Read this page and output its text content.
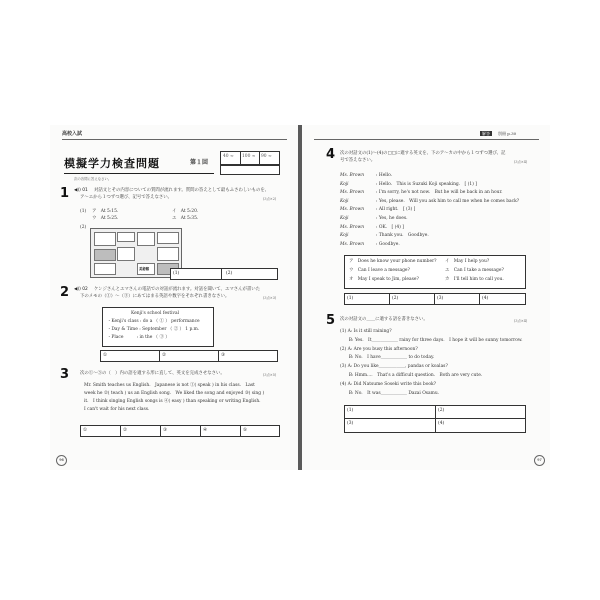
高校入試
模擬学力検査問題	第１回
40 ∞	100 ∞	90 ∞
次の各問に答えなさい。
1 ◀)) 01 対話文とその内容についての質問が流れます。質問の答えとして最もふさわしいものを、
ア～エから１つずつ選び、記号で答えなさい。	(3点×2)
(1) ア　At 5:15.	イ　At 5:20.
ウ　At 5:25.	エ　At 5:35.
(2)
美術館
(1)	(2)
2 ◀)) 02 ケンジさんとエマさんの電話での対話が流れます。対話を聞いて、エマさんが書いた
下のメモの（①）～（③）にあてはまる英語や数字をそれぞれ書きなさい。	(3点×3)
Kenji's school festival
・Kenji's class : do a （ ① ） performance
・Day & Time : September （ ② ） 1 p.m.
・Place　　　: in the （ ③ ）
①	②	③
3 次の①～⑤の（　）内の語を適する形に直して、英文を完成させなさい。	(3点×5)
Mr. Smith teaches us English.　Japanese is not ①( speak ) in his class.　Last
week he ②( teach ) us an English song.　We liked the song and enjoyed ③( sing )
it.　I think singing English songs is ④( easy ) than speaking or writing English.
I can't wait for his next class.
①	②	③	④	⑤
96
解答	別冊 p.30
4 次の対話文の(1)～(4)の□□に適する英文を、下のア～カの中から１つずつ選び、記
号で答えなさい。	(3点×4)
Ms. Brown	: Hello.
Koji	: Hello.　This is Suzuki Koji speaking.　[ (1) ]
Ms. Brown	: I'm sorry, he's not now.　But he will be back in an hour.
Koji	: Yes, please.　Will you ask him to call me when he comes back?
Ms. Brown	: All right.　[ (3) ]
Koji	: Yes, he does.
Ms. Brown	: OK.　[ (4) ]
Koji	: Thank you.　Goodbye.
Ms. Brown	: Goodbye.
ア　Does he know your phone number? イ　May I help you?
ウ　Can I leave a message?	エ　Can I take a message?
オ　May I speak to Jim, please?	カ　I'll tell him to call you.
(1)	(2)	(3)	(4)
5 次の対話文の＿＿に適する語を書きなさい。	(3点×4)
(1) A: Is it still raining?
　　B: Yes.　It＿＿＿＿＿＿ rainy for three days.　I hope it will be sunny tomorrow.
(2) A: Are you busy this afternoon?
　　B: No.　I have＿＿＿＿＿＿ to do today.
(3) A: Do you like＿＿＿＿＿＿, pandas or koalas?
　　B: Hmm....　That's a difficult question.　Both are very cute.
(4) A: Did Natsume Soseki write this book?
　　B: No.　It was＿＿＿＿＿＿ Dazai Osamu.
(1)	(2)
(3)	(4)
97
